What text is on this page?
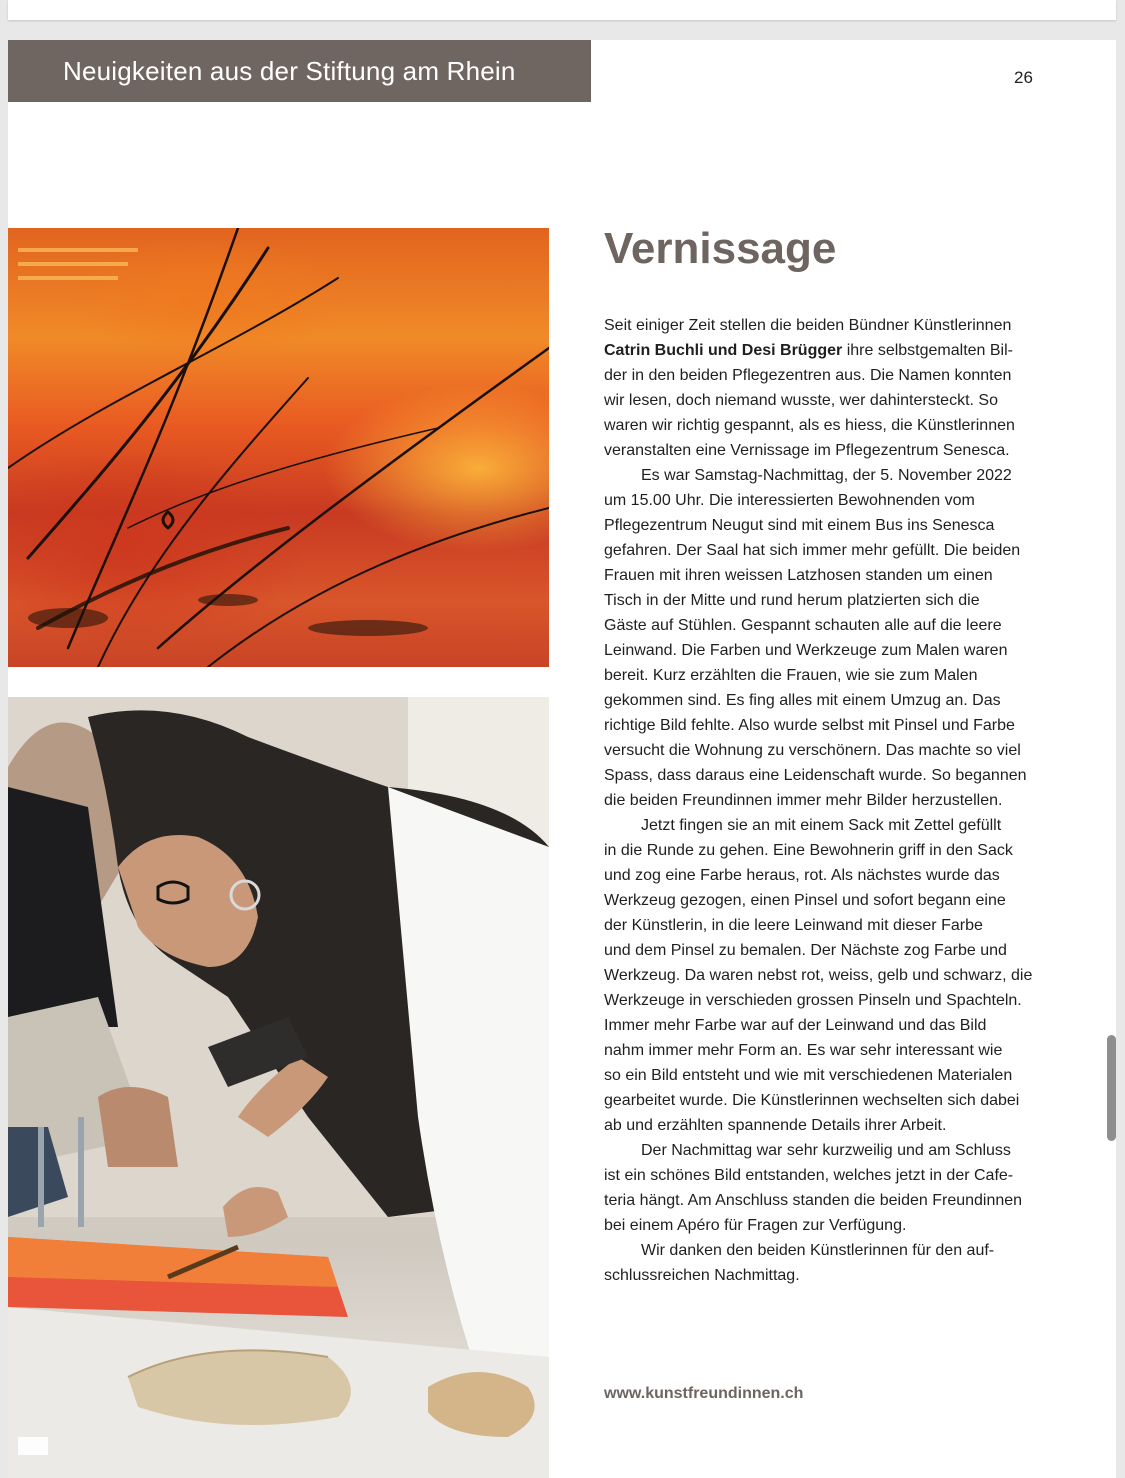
Neuigkeiten aus der Stiftung am Rhein	26
Vernissage

Seit einiger Zeit stellen die beiden Bündner Künstlerinnen
Catrin Buchli und Desi Brügger ihre selbstgemalten Bil-
der in den beiden Pflegezentren aus. Die Namen konnten
wir lesen, doch niemand wusste, wer dahintersteckt. So
waren wir richtig gespannt, als es hiess, die Künstlerinnen
veranstalten eine Vernissage im Pflegezentrum Senesca.

Es war Samstag-Nachmittag, der 5. November 2022
um 15.00 Uhr. Die interessierten Bewohnenden vom
Pflegezentrum Neugut sind mit einem Bus ins Senesca
gefahren. Der Saal hat sich immer mehr gefüllt. Die beiden
Frauen mit ihren weissen Latzhosen standen um einen
Tisch in der Mitte und rund herum platzierten sich die
Gäste auf Stühlen. Gespannt schauten alle auf die leere
Leinwand. Die Farben und Werkzeuge zum Malen waren
bereit. Kurz erzählten die Frauen, wie sie zum Malen
gekommen sind. Es fing alles mit einem Umzug an. Das
richtige Bild fehlte. Also wurde selbst mit Pinsel und Farbe
versucht die Wohnung zu verschönern. Das machte so viel
Spass, dass daraus eine Leidenschaft wurde. So begannen
die beiden Freundinnen immer mehr Bilder herzustellen.

Jetzt fingen sie an mit einem Sack mit Zettel gefüllt
in die Runde zu gehen. Eine Bewohnerin griff in den Sack
und zog eine Farbe heraus, rot. Als nächstes wurde das
Werkzeug gezogen, einen Pinsel und sofort begann eine
der Künstlerin, in die leere Leinwand mit dieser Farbe
und dem Pinsel zu bemalen. Der Nächste zog Farbe und
Werkzeug. Da waren nebst rot, weiss, gelb und schwarz, die
Werkzeuge in verschieden grossen Pinseln und Spachteln.
Immer mehr Farbe war auf der Leinwand und das Bild
nahm immer mehr Form an. Es war sehr interessant wie
so ein Bild entsteht und wie mit verschiedenen Materialen
gearbeitet wurde. Die Künstlerinnen wechselten sich dabei
ab und erzählten spannende Details ihrer Arbeit.

Der Nachmittag war sehr kurzweilig und am Schluss
ist ein schönes Bild entstanden, welches jetzt in der Cafe-
teria hängt. Am Anschluss standen die beiden Freundinnen
bei einem Apéro für Fragen zur Verfügung.

Wir danken den beiden Künstlerinnen für den auf-
schlussreichen Nachmittag.

www.kunstfreundinnen.ch
